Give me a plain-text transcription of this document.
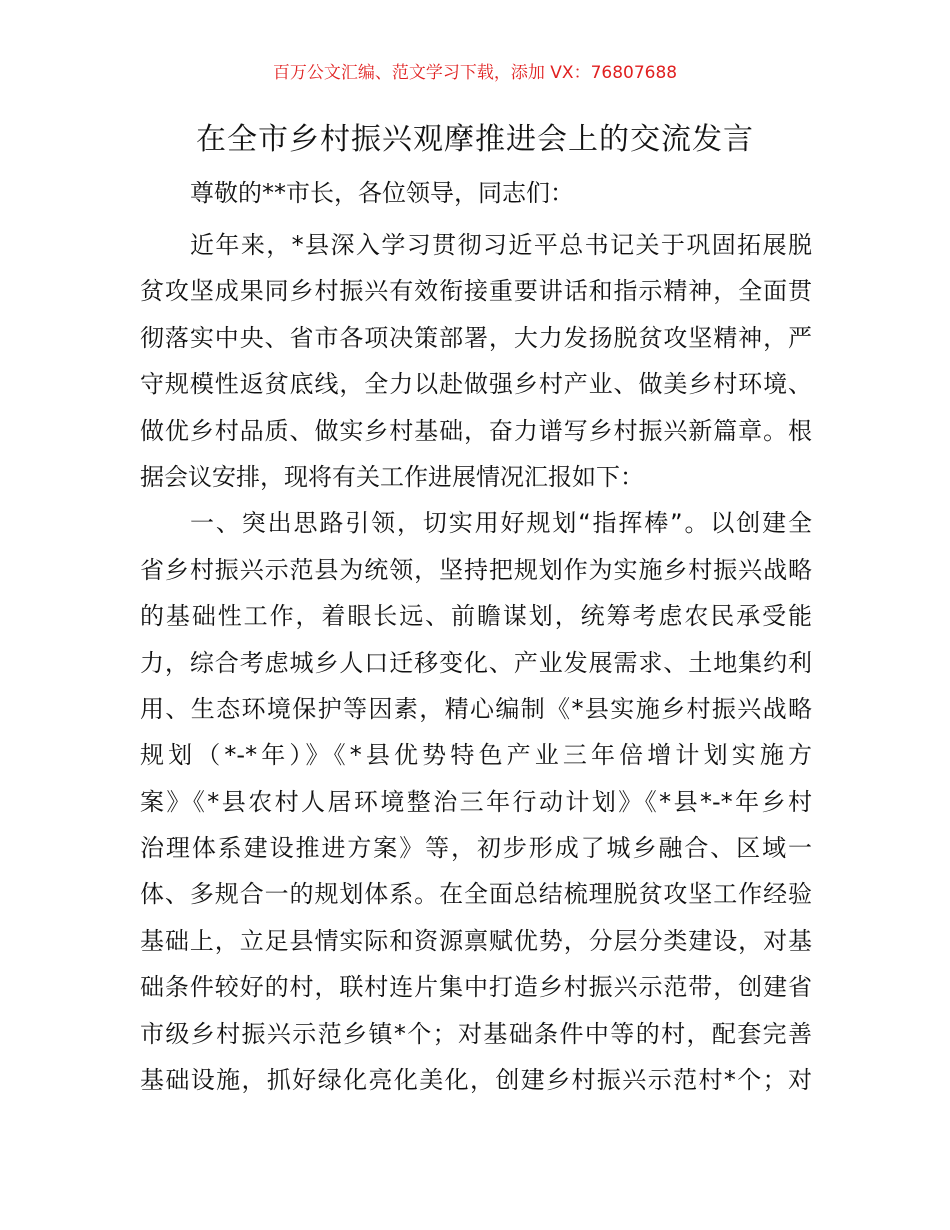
百万公文汇编、范文学习下载，添加 VX：76807688
在全市乡村振兴观摩推进会上的交流发言
尊敬的**市长，各位领导，同志们：
近年来，*县深入学习贯彻习近平总书记关于巩固拓展脱
贫攻坚成果同乡村振兴有效衔接重要讲话和指示精神，全面贯
彻落实中央、省市各项决策部署，大力发扬脱贫攻坚精神，严
守规模性返贫底线，全力以赴做强乡村产业、做美乡村环境、
做优乡村品质、做实乡村基础，奋力谱写乡村振兴新篇章。根
据会议安排，现将有关工作进展情况汇报如下：
一、突出思路引领，切实用好规划“指挥棒”。以创建全
省乡村振兴示范县为统领，坚持把规划作为实施乡村振兴战略
的基础性工作，着眼长远、前瞻谋划，统筹考虑农民承受能
力，综合考虑城乡人口迁移变化、产业发展需求、土地集约利
用、生态环境保护等因素，精心编制《*县实施乡村振兴战略
规划（*-*年）》《*县优势特色产业三年倍增计划实施方
案》《*县农村人居环境整治三年行动计划》《*县*-*年乡村
治理体系建设推进方案》等，初步形成了城乡融合、区域一
体、多规合一的规划体系。在全面总结梳理脱贫攻坚工作经验
基础上，立足县情实际和资源禀赋优势，分层分类建设，对基
础条件较好的村，联村连片集中打造乡村振兴示范带，创建省
市级乡村振兴示范乡镇*个；对基础条件中等的村，配套完善
基础设施，抓好绿化亮化美化，创建乡村振兴示范村*个；对
